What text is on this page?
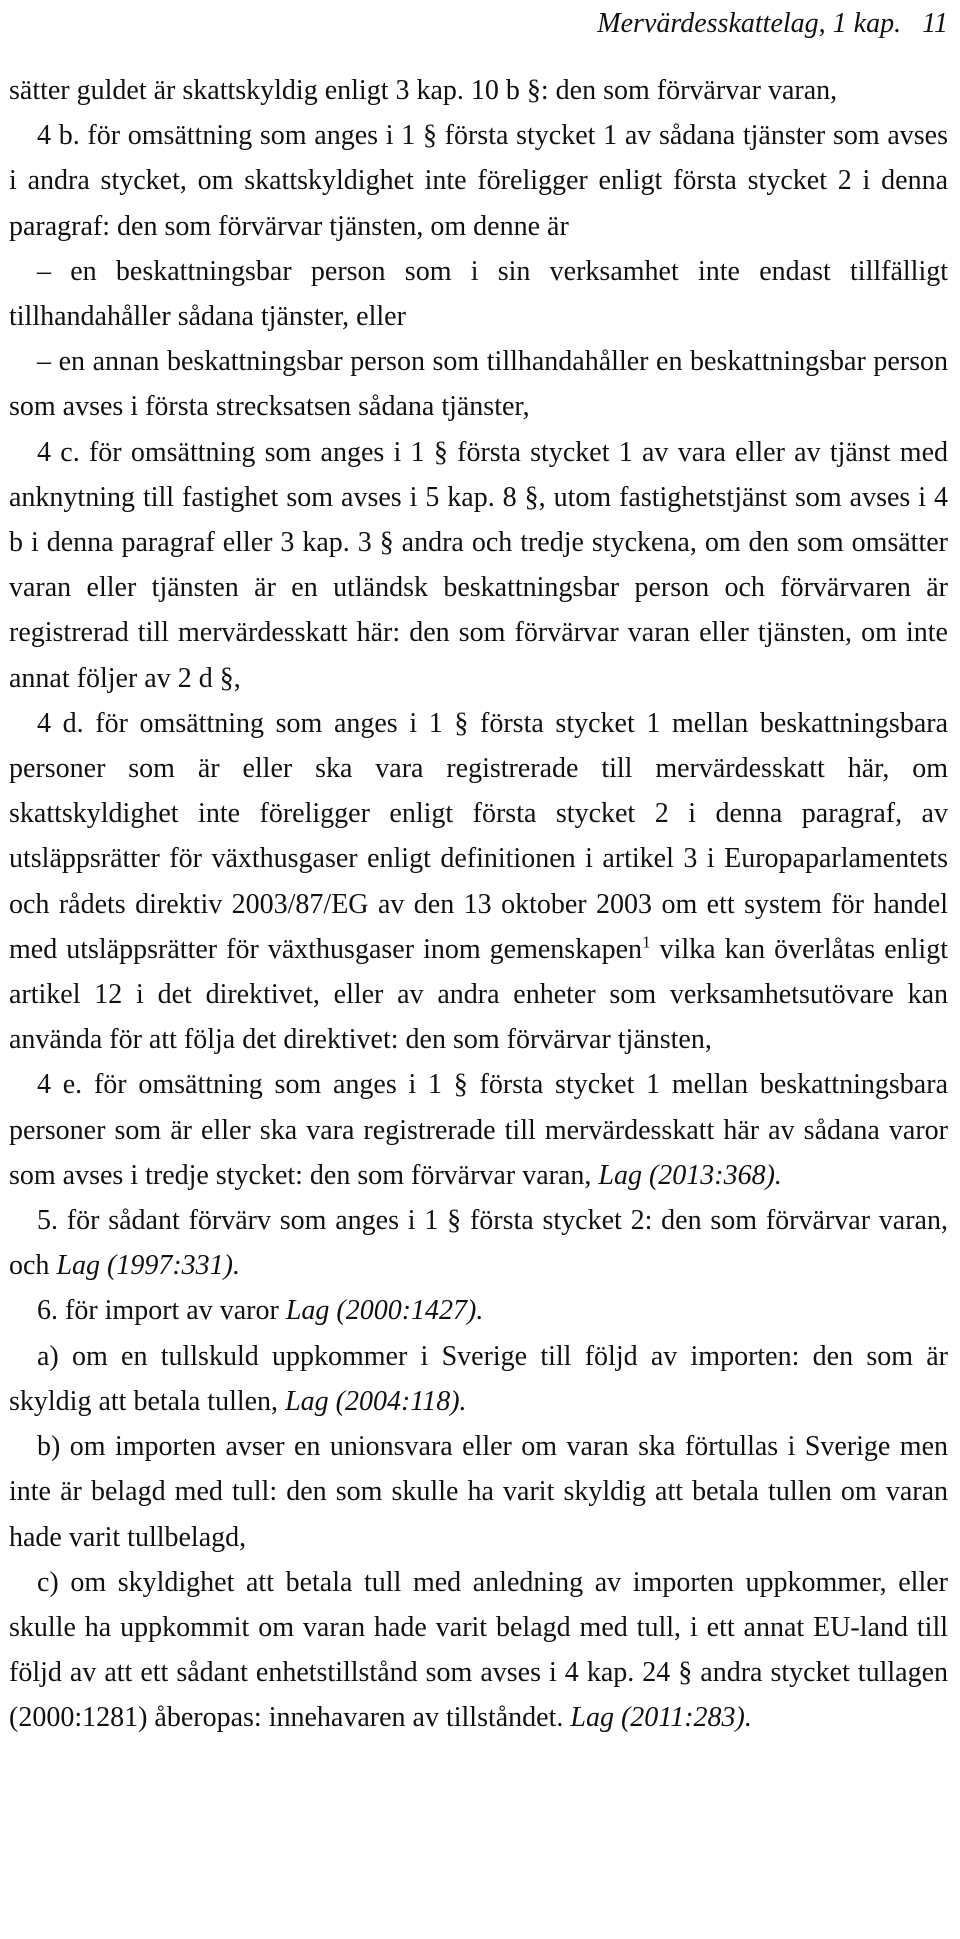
Mervärdesskattelag, 1 kap. 11

sätter guldet är skattskyldig enligt 3 kap. 10 b §: den som förvärvar varan,

4 b. för omsättning som anges i 1 § första stycket 1 av sådana tjänster som avses i andra stycket, om skattskyldighet inte föreligger enligt första stycket 2 i denna paragraf: den som förvärvar tjänsten, om denne är

– en beskattningsbar person som i sin verksamhet inte endast tillfälligt tillhandahåller sådana tjänster, eller

– en annan beskattningsbar person som tillhandahåller en beskattningsbar person som avses i första strecksatsen sådana tjänster,

4 c. för omsättning som anges i 1 § första stycket 1 av vara eller av tjänst med anknytning till fastighet som avses i 5 kap. 8 §, utom fastighetstjänst som avses i 4 b i denna paragraf eller 3 kap. 3 § andra och tredje styckena, om den som omsätter varan eller tjänsten är en utländsk beskattningsbar person och förvärvaren är registrerad till mervärdesskatt här: den som förvärvar varan eller tjänsten, om inte annat följer av 2 d §,

4 d. för omsättning som anges i 1 § första stycket 1 mellan beskattningsbara personer som är eller ska vara registrerade till mervärdesskatt här, om skattskyldighet inte föreligger enligt första stycket 2 i denna paragraf, av utsläppsrätter för växthusgaser enligt definitionen i artikel 3 i Europaparlamentets och rådets direktiv 2003/87/EG av den 13 oktober 2003 om ett system för handel med utsläppsrätter för växthusgaser inom gemenskapen$^1$ vilka kan överlåtas enligt artikel 12 i det direktivet, eller av andra enheter som verksamhetsutövare kan använda för att följa det direktivet: den som förvärvar tjänsten,

4 e. för omsättning som anges i 1 § första stycket 1 mellan beskattningsbara personer som är eller ska vara registrerade till mervärdesskatt här av sådana varor som avses i tredje stycket: den som förvärvar varan, Lag (2013:368).

5. för sådant förvärv som anges i 1 § första stycket 2: den som förvärvar varan, och Lag (1997:331).

6. för import av varor Lag (2000:1427).

a) om en tullskuld uppkommer i Sverige till följd av importen: den som är skyldig att betala tullen, Lag (2004:118).

b) om importen avser en unionsvara eller om varan ska förtullas i Sverige men inte är belagd med tull: den som skulle ha varit skyldig att betala tullen om varan hade varit tullbelagd,

c) om skyldighet att betala tull med anledning av importen uppkommer, eller skulle ha uppkommit om varan hade varit belagd med tull, i ett annat EU-land till följd av att ett sådant enhetstillstånd som avses i 4 kap. 24 § andra stycket tullagen (2000:1281) åberopas: innehavaren av tillståndet. Lag (2011:283).
